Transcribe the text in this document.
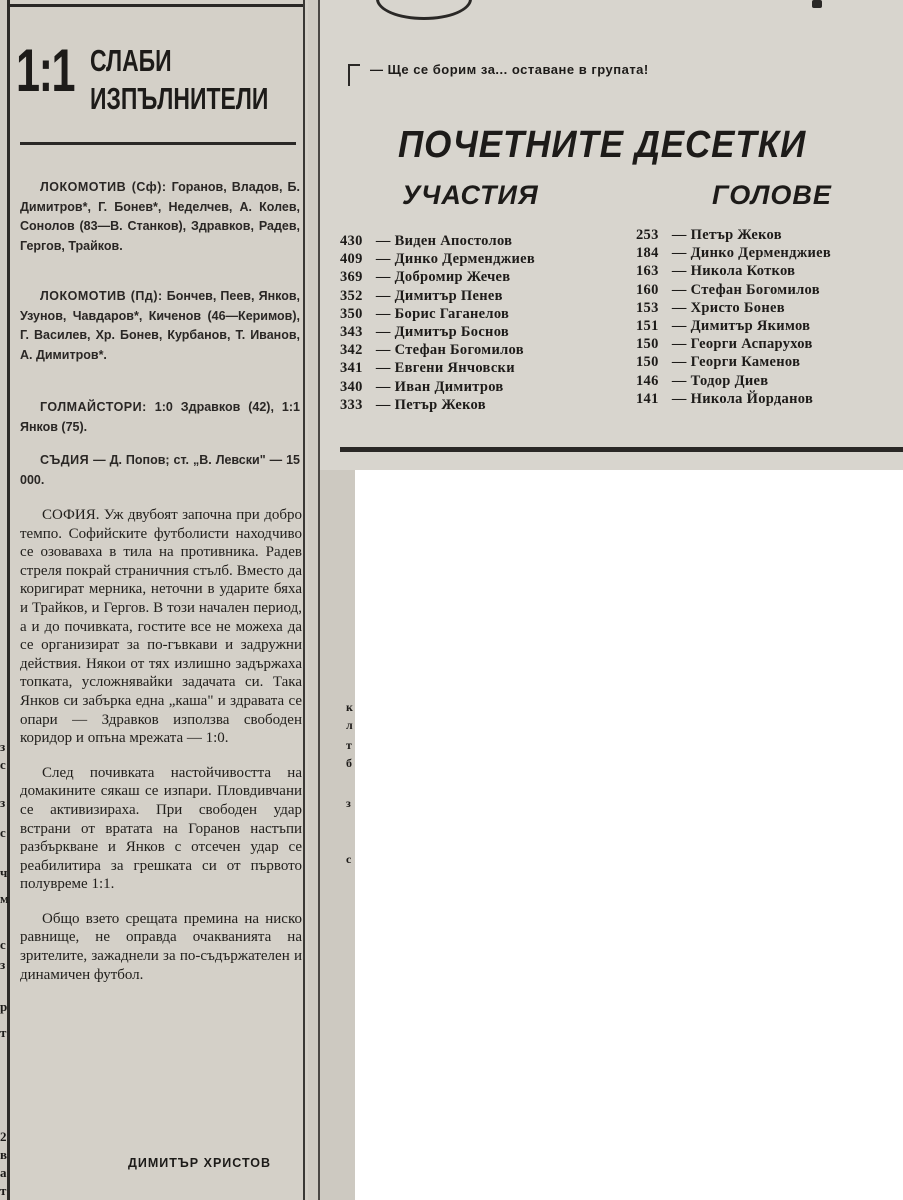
з
с
з
с
ч
м
с
з
р
т
2
в
а
т
1:1 СЛАБИ
ИЗПЪЛНИТЕЛИ
ЛОКОМОТИВ (Сф): Горанов, Владов, Б. Димитров*, Г. Бонев*, Неделчев, А. Колев, Сонолов (83—В. Станков), Здравков, Радев, Гергов, Трайков.
ЛОКОМОТИВ (Пд): Бончев, Пеев, Янков, Узунов, Чавдаров*, Киченов (46—Керимов), Г. Василев, Хр. Бонев, Курбанов, Т. Иванов, А. Димитров*.
ГОЛМАЙСТОРИ: 1:0 Здравков (42), 1:1 Янков (75).
СЪДИЯ — Д. Попов; ст. „В. Левски" — 15 000.

СОФИЯ. Уж двубоят започна при добро темпо. Софийските футболисти находчиво се озоваваха в тила на противника. Радев стреля покрай страничния стълб. Вместо да коригират мерника, неточни в ударите бяха и Трайков, и Гергов. В този начален период, а и до почивката, гостите все не можеха да се организират за по-гъвкави и задружни действия. Някои от тях излишно задържаха топката, усложнявайки задачата си. Така Янков си забърка една „каша" и здравата се опари — Здравков използва свободен коридор и опъна мрежата — 1:0.

След почивката настойчивостта на домакините сякаш се изпари. Пловдивчани се активизираха. При свободен удар встрани от вратата на Горанов настъпи разбъркване и Янков с отсечен удар се реабилитира за грешката си от първото полувреме 1:1.

Общо взето срещата премина на ниско равнище, не оправда очакванията на зрителите, зажаднели за по-съдържателен и динамичен футбол.

ДИМИТЪР ХРИСТОВ
— Ще се борим за... оставане в групата!
ПОЧЕТНИТЕ ДЕСЕТКИ
УЧАСТИЯ	ГОЛОВЕ
430 — Виден Апостолов
409 — Динко Дерменджиев
369 — Добромир Жечев
352 — Димитър Пенев
350 — Борис Гаганелов
343 — Димитър Боснов
342 — Стефан Богомилов
341 — Евгени Янчовски
340 — Иван Димитров
333 — Петър Жеков
253 — Петър Жеков
184 — Динко Дерменджиев
163 — Никола Котков
160 — Стефан Богомилов
153 — Христо Бонев
151 — Димитър Якимов
150 — Георги Аспарухов
150 — Георги Каменов
146 — Тодор Диев
141 — Никола Йорданов
к
л
т
б
з
с
